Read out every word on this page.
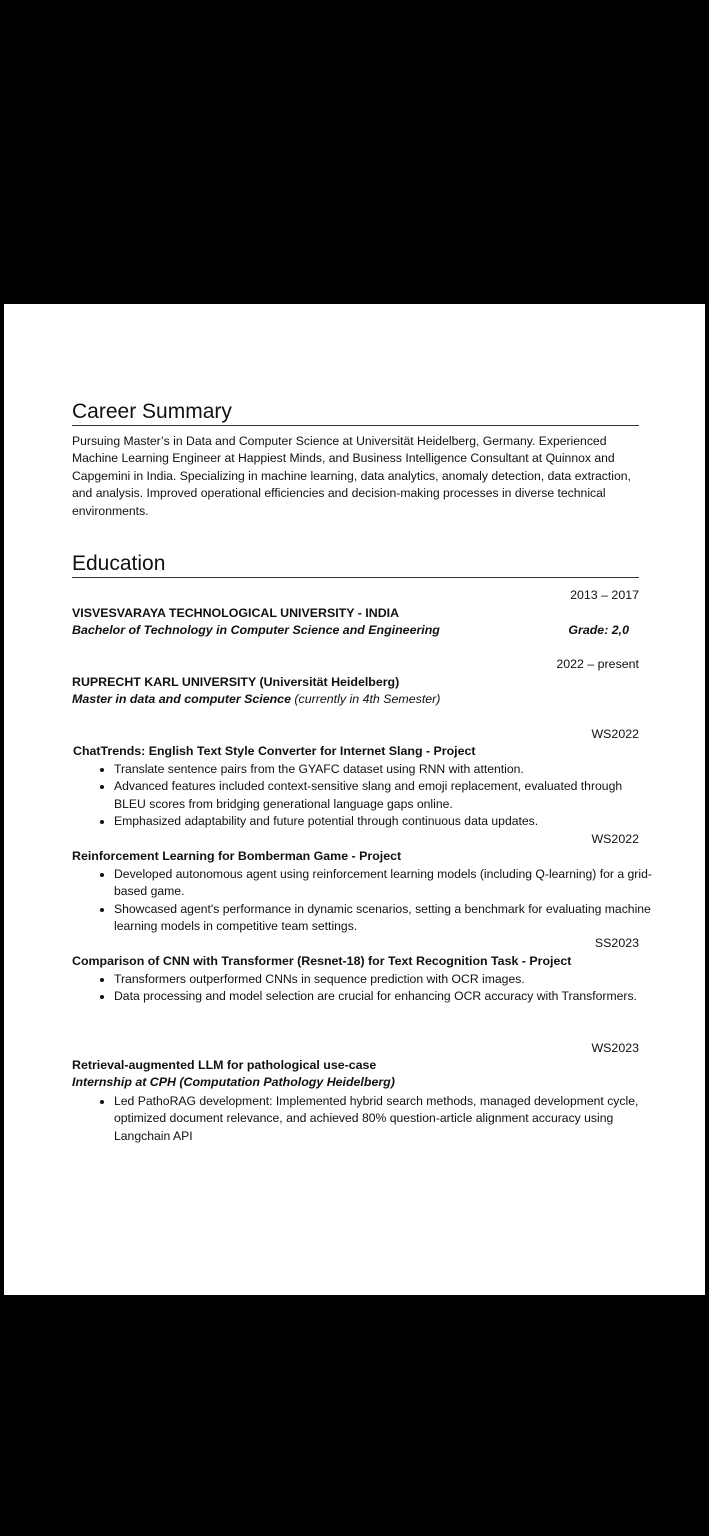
Career Summary

Pursuing Master’s in Data and Computer Science at Universität Heidelberg, Germany. Experienced Machine Learning Engineer at Happiest Minds, and Business Intelligence Consultant at Quinnox and Capgemini in India. Specializing in machine learning, data analytics, anomaly detection, data extraction, and analysis. Improved operational efficiencies and decision-making processes in diverse technical environments.

Education
2013 – 2017
VISVESVARAYA TECHNOLOGICAL UNIVERSITY - INDIA
Bachelor of Technology in Computer Science and Engineering	Grade: 2,0
2022 – present
RUPRECHT KARL UNIVERSITY (Universität Heidelberg)
Master in data and computer Science (currently in 4th Semester)
WS2022
ChatTrends: English Text Style Converter for Internet Slang - Project
• Translate sentence pairs from the GYAFC dataset using RNN with attention.
• Advanced features included context-sensitive slang and emoji replacement, evaluated through BLEU scores from bridging generational language gaps online.
• Emphasized adaptability and future potential through continuous data updates.
WS2022
Reinforcement Learning for Bomberman Game - Project
• Developed autonomous agent using reinforcement learning models (including Q-learning) for a grid-based game.
• Showcased agent's performance in dynamic scenarios, setting a benchmark for evaluating machine learning models in competitive team settings.
SS2023
Comparison of CNN with Transformer (Resnet-18) for Text Recognition Task - Project
• Transformers outperformed CNNs in sequence prediction with OCR images.
• Data processing and model selection are crucial for enhancing OCR accuracy with Transformers.
WS2023
Retrieval-augmented LLM for pathological use-case
Internship at CPH (Computation Pathology Heidelberg)
• Led PathoRAG development: Implemented hybrid search methods, managed development cycle, optimized document relevance, and achieved 80% question-article alignment accuracy using Langchain API
